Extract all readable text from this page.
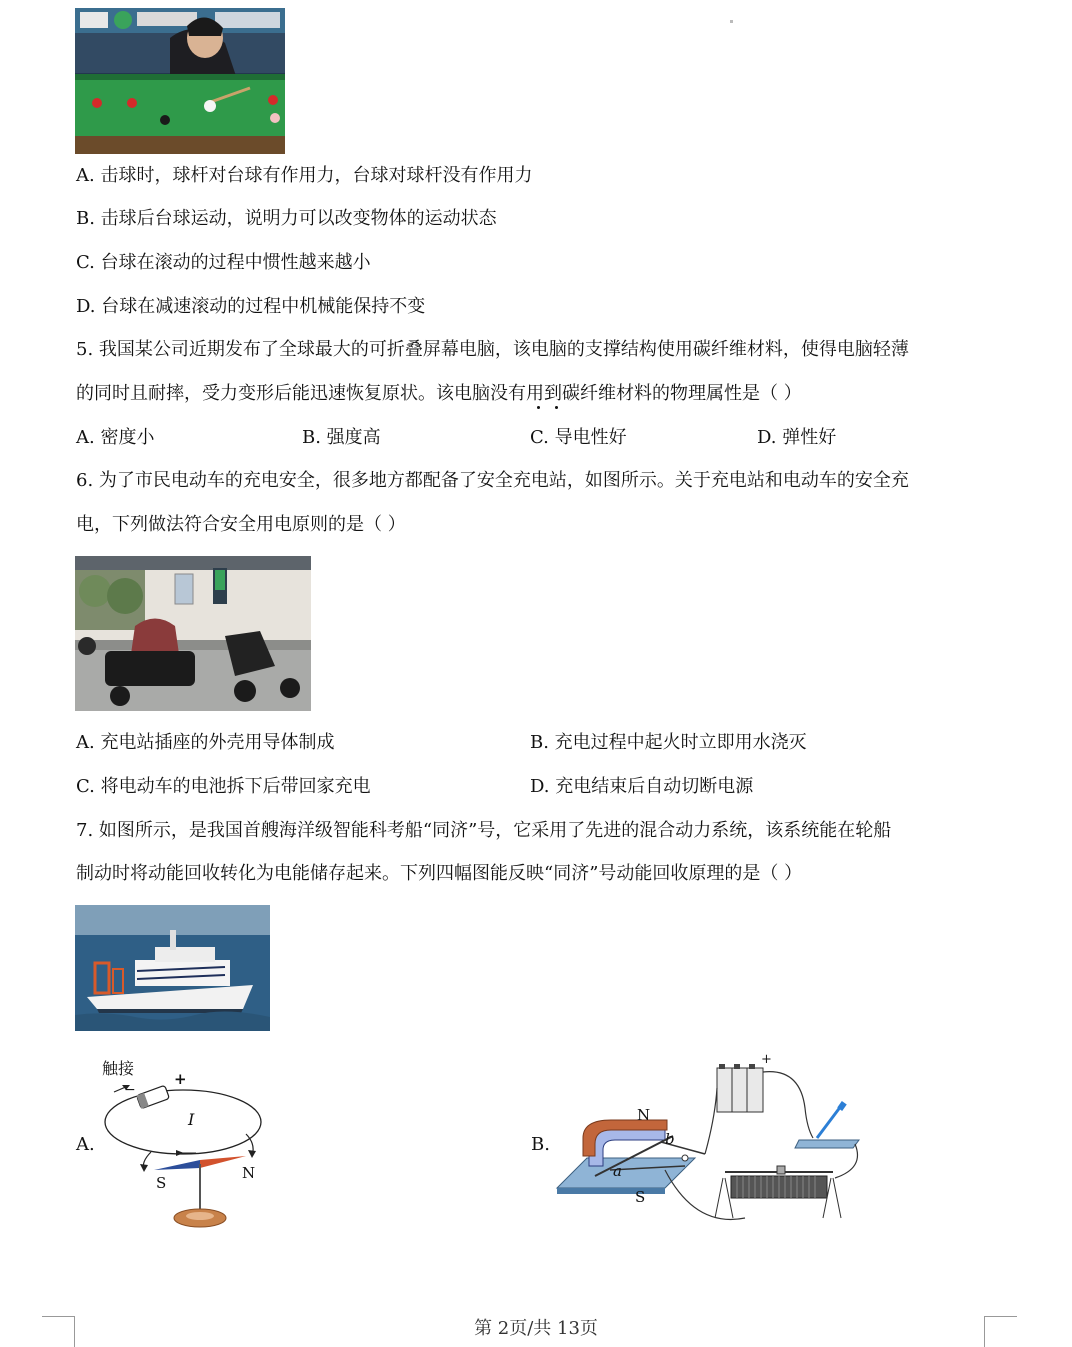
A. 击球时，球杆对台球有作用力，台球对球杆没有作用力
B. 击球后台球运动，说明力可以改变物体的运动状态
C. 台球在滚动的过程中惯性越来越小
D. 台球在减速滚动的过程中机械能保持不变
5. 我国某公司近期发布了全球最大的可折叠屏幕电脑，该电脑的支撑结构使用碳纤维材料，使得电脑轻薄
的同时且耐摔，受力变形后能迅速恢复原状。该电脑没有用到碳纤维材料的物理属性是（ ）
A. 密度小	B. 强度高	C. 导电性好	D. 弹性好
6. 为了市民电动车的充电安全，很多地方都配备了安全充电站，如图所示。关于充电站和电动车的安全充
电，下列做法符合安全用电原则的是（ ）
A. 充电站插座的外壳用导体制成	B. 充电过程中起火时立即用水浇灭
C. 将电动车的电池拆下后带回家充电	D. 充电结束后自动切断电源
7. 如图所示，是我国首艘海洋级智能科考船“同济”号，它采用了先进的混合动力系统，该系统能在轮船
制动时将动能回收转化为电能储存起来。下列四幅图能反映“同济”号动能回收原理的是（ ）
A.
触接
+
−
I
S
N
B.
N
S
a
b
+
第 2页/共 13页
